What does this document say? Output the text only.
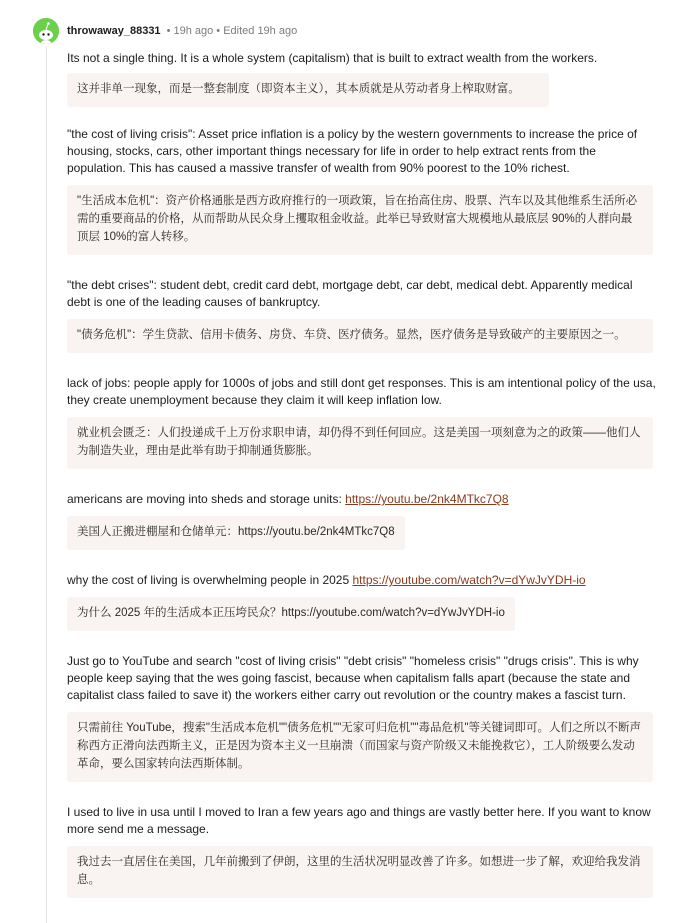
throwaway_88331 • 19h ago • Edited 19h ago

Its not a single thing. It is a whole system (capitalism) that is built to extract wealth from the workers.

这并非单一现象，而是一整套制度（即资本主义），其本质就是从劳动者身上榨取财富。

"the cost of living crisis": Asset price inflation is a policy by the western governments to increase the price of housing, stocks, cars, other important things necessary for life in order to help extract rents from the population. This has caused a massive transfer of wealth from 90% poorest to the 10% richest.

"生活成本危机"：资产价格通胀是西方政府推行的一项政策，旨在抬高住房、股票、汽车以及其他维系生活所必需的重要商品的价格，从而帮助从民众身上攫取租金收益。此举已导致财富大规模地从最底层 90%的人群向最顶层 10%的富人转移。

"the debt crises": student debt, credit card debt, mortgage debt, car debt, medical debt. Apparently medical debt is one of the leading causes of bankruptcy.

"债务危机"：学生贷款、信用卡债务、房贷、车贷、医疗债务。显然，医疗债务是导致破产的主要原因之一。

lack of jobs: people apply for 1000s of jobs and still dont get responses. This is am intentional policy of the usa, they create unemployment because they claim it will keep inflation low.

就业机会匮乏：人们投递成千上万份求职申请，却仍得不到任何回应。这是美国一项刻意为之的政策——他们人为制造失业，理由是此举有助于抑制通货膨胀。

americans are moving into sheds and storage units: https://youtu.be/2nk4MTkc7Q8

美国人正搬进棚屋和仓储单元：https://youtu.be/2nk4MTkc7Q8

why the cost of living is overwhelming people in 2025 https://youtube.com/watch?v=dYwJvYDH-io

为什么 2025 年的生活成本正压垮民众？https://youtube.com/watch?v=dYwJvYDH-io

Just go to YouTube and search "cost of living crisis" "debt crisis" "homeless crisis" "drugs crisis". This is why people keep saying that the wes going fascist, because when capitalism falls apart (because the state and capitalist class failed to save it) the workers either carry out revolution or the country makes a fascist turn.

只需前往 YouTube，搜索"生活成本危机""债务危机""无家可归危机""毒品危机"等关键词即可。人们之所以不断声称西方正滑向法西斯主义，正是因为资本主义一旦崩溃（而国家与资产阶级又未能挽救它），工人阶级要么发动革命，要么国家转向法西斯体制。

I used to live in usa until I moved to Iran a few years ago and things are vastly better here. If you want to know more send me a message.

我过去一直居住在美国，几年前搬到了伊朗，这里的生活状况明显改善了许多。如想进一步了解，欢迎给我发消息。
